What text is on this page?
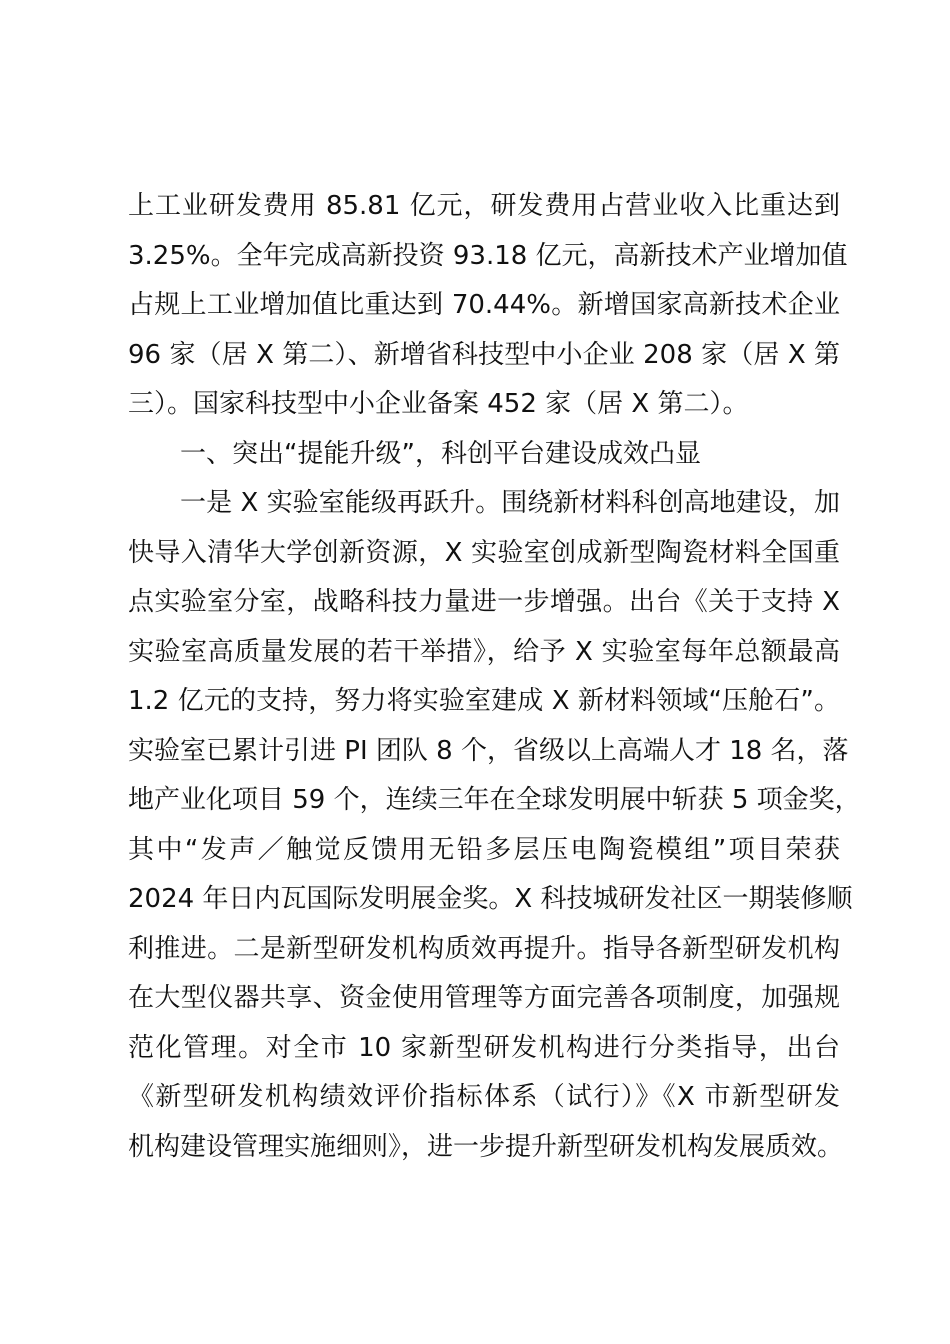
上工业研发费用 85.81 亿元，研发费用占营业收入比重达到
3.25%。全年完成高新投资 93.18 亿元，高新技术产业增加值
占规上工业增加值比重达到 70.44%。新增国家高新技术企业
96 家（居 X 第二）、新增省科技型中小企业 208 家（居 X 第
三）。国家科技型中小企业备案 452 家（居 X 第二）。
一、突出“提能升级”，科创平台建设成效凸显
一是 X 实验室能级再跃升。围绕新材料科创高地建设，加
快导入清华大学创新资源，X 实验室创成新型陶瓷材料全国重
点实验室分室，战略科技力量进一步增强。出台《关于支持 X
实验室高质量发展的若干举措》，给予 X 实验室每年总额最高
1.2 亿元的支持，努力将实验室建成 X 新材料领域“压舱石”。
实验室已累计引进 PI 团队 8 个，省级以上高端人才 18 名，落
地产业化项目 59 个，连续三年在全球发明展中斩获 5 项金奖，
其中“发声／触觉反馈用无铅多层压电陶瓷模组”项目荣获
2024 年日内瓦国际发明展金奖。X 科技城研发社区一期装修顺
利推进。二是新型研发机构质效再提升。指导各新型研发机构
在大型仪器共享、资金使用管理等方面完善各项制度，加强规
范化管理。对全市 10 家新型研发机构进行分类指导，出台
《新型研发机构绩效评价指标体系（试行）》《X 市新型研发
机构建设管理实施细则》，进一步提升新型研发机构发展质效。
